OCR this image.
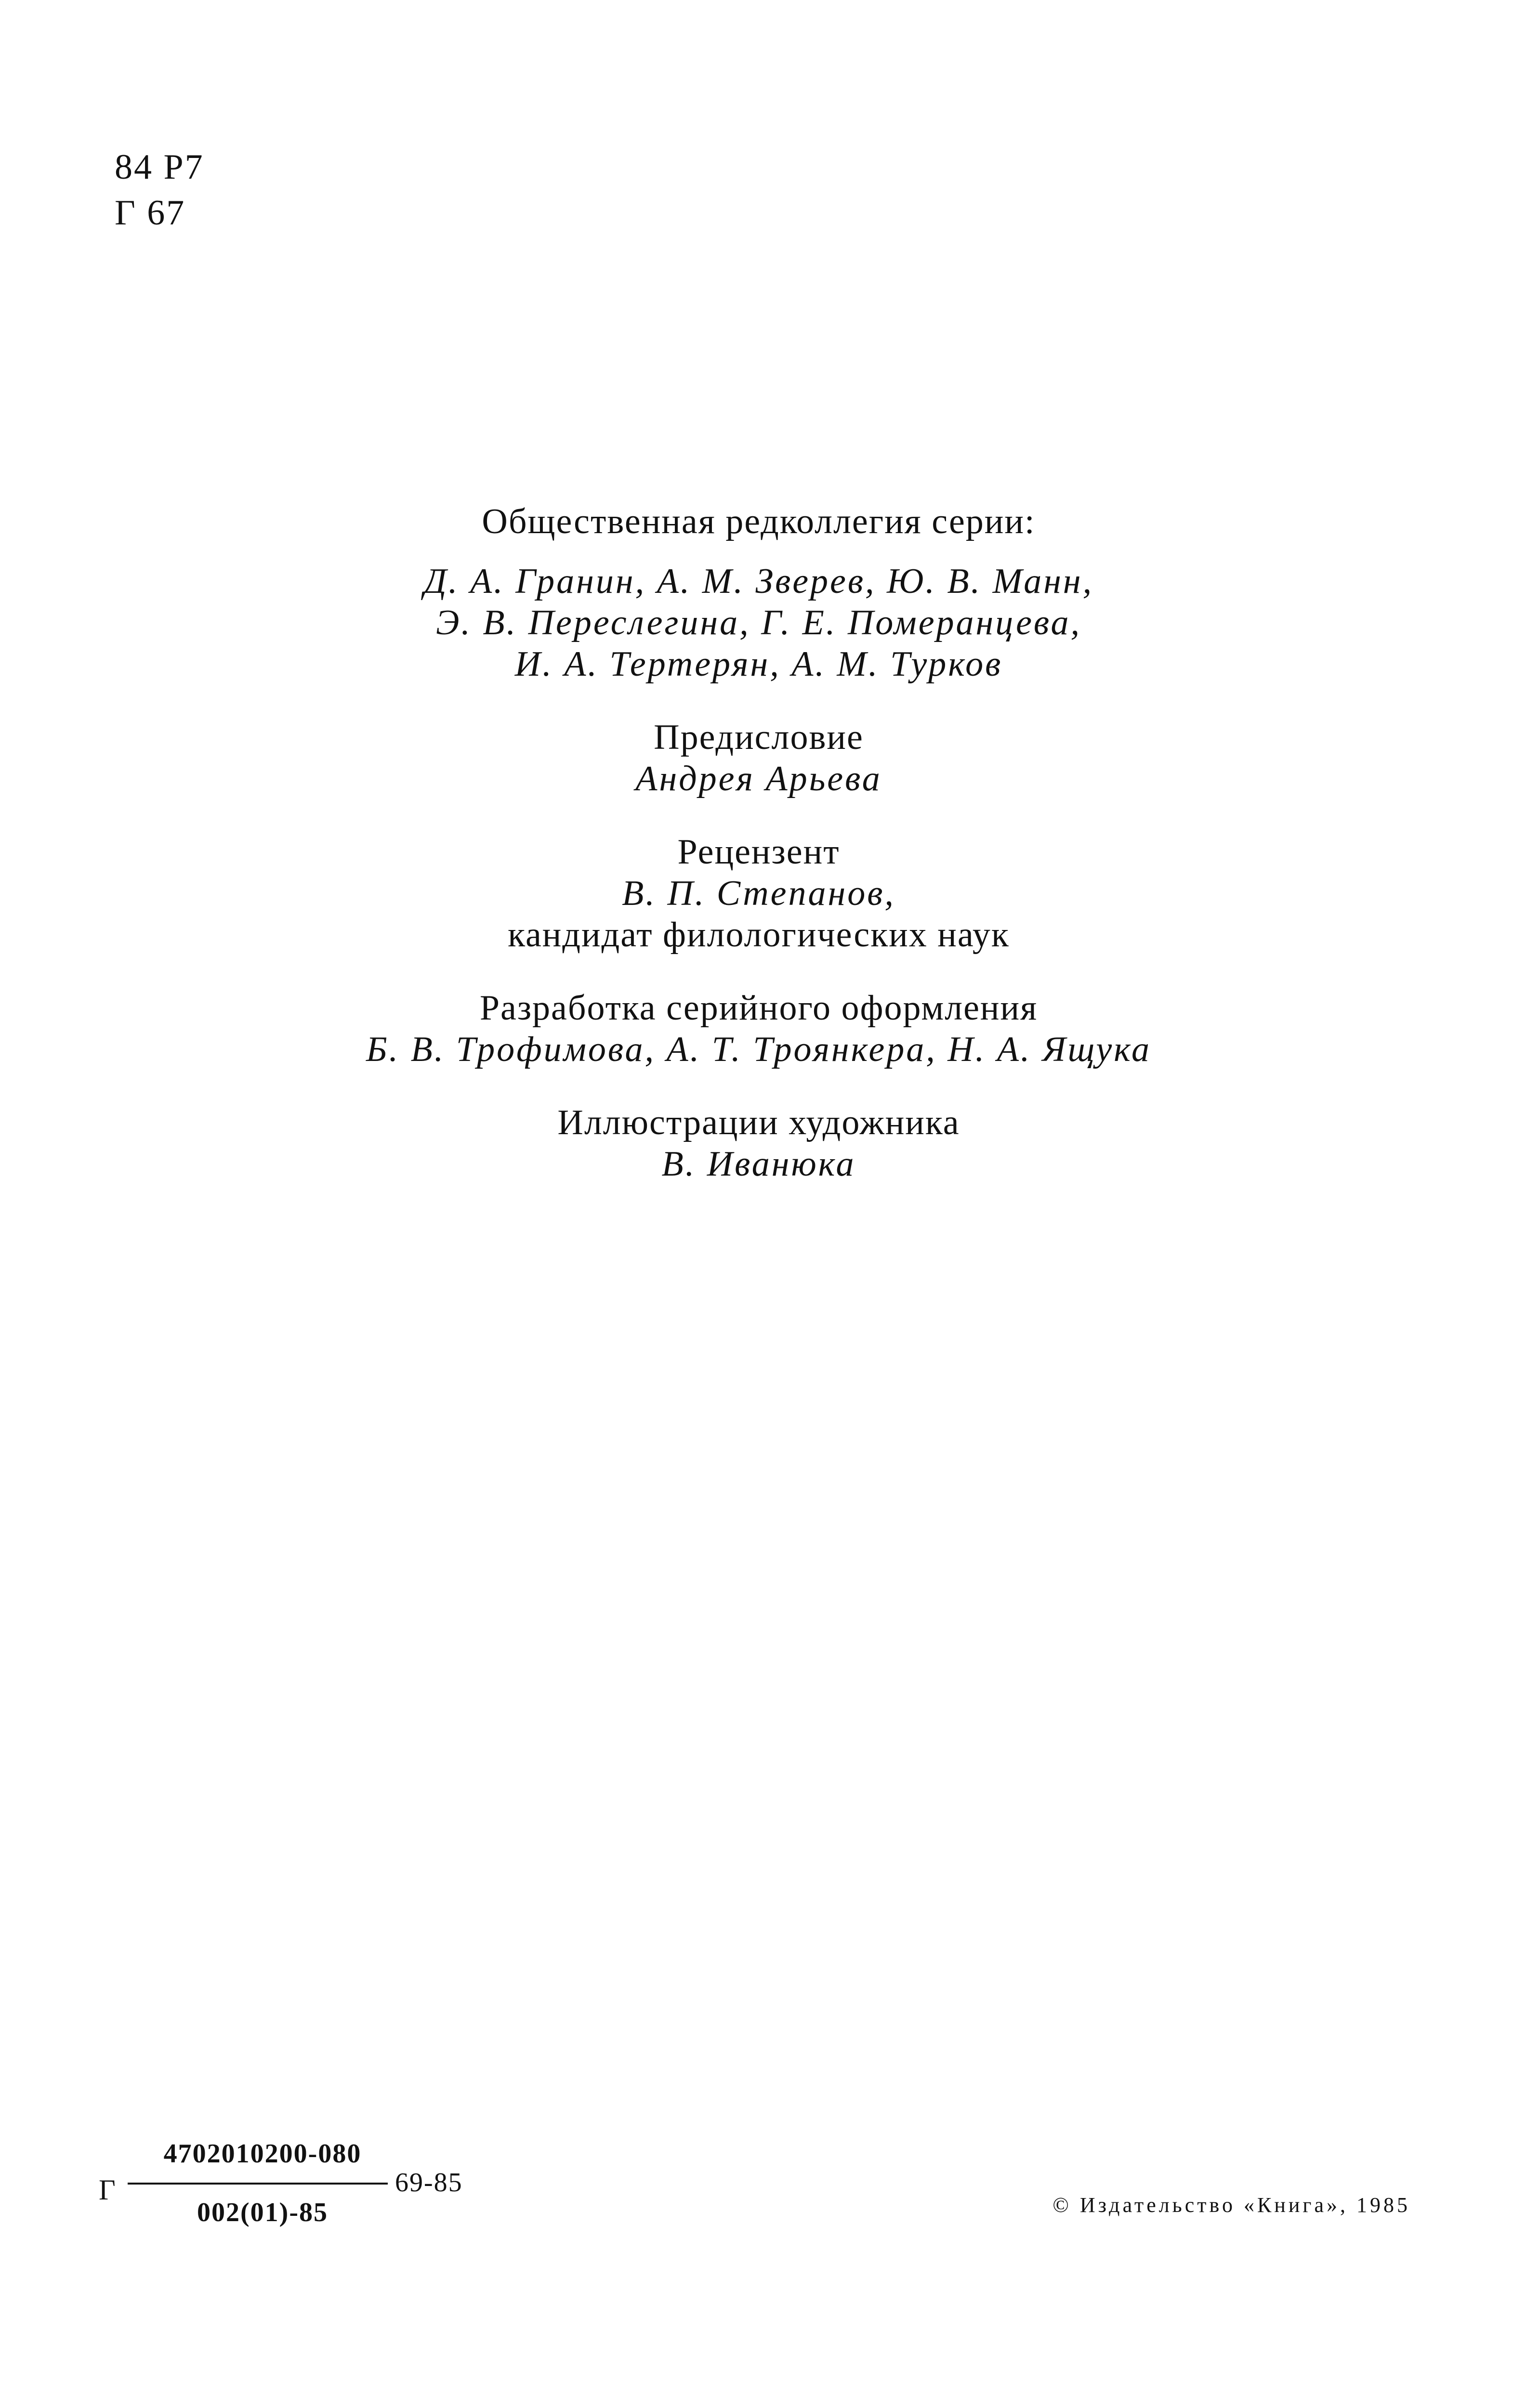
84 Р7
Г 67
Общественная редколлегия серии:
Д. А. Гранин, А. М. Зверев, Ю. В. Манн,
Э. В. Переслегина, Г. Е. Померанцева,
И. А. Тертерян, А. М. Турков
Предисловие
Андрея Арьева
Рецензент
В. П. Степанов,
кандидат филологических наук
Разработка серийного оформления
Б. В. Трофимова, А. Т. Троянкера, Н. А. Ящука
Иллюстрации художника
В. Иванюка
Г
4702010200-080
002(01)-85
69-85
© Издательство «Книга», 1985
